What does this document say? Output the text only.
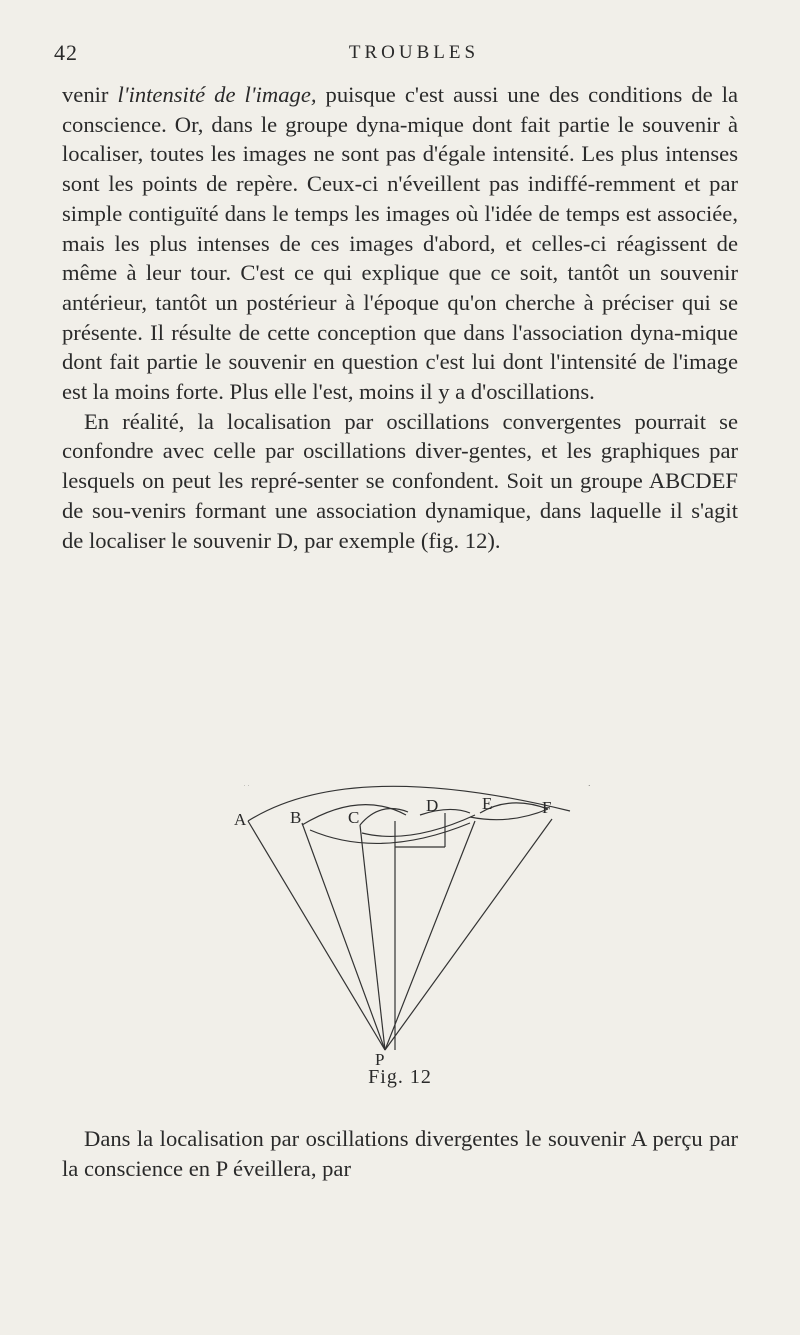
42	TROUBLES

venir l'intensité de l'image, puisque c'est aussi une des conditions de la conscience. Or, dans le groupe dyna-mique dont fait partie le souvenir à localiser, toutes les images ne sont pas d'égale intensité. Les plus intenses sont les points de repère. Ceux-ci n'éveillent pas indiffé-remment et par simple contiguïté dans le temps les images où l'idée de temps est associée, mais les plus intenses de ces images d'abord, et celles-ci réagissent de même à leur tour. C'est ce qui explique que ce soit, tantôt un souvenir antérieur, tantôt un postérieur à l'époque qu'on cherche à préciser qui se présente. Il résulte de cette conception que dans l'association dyna-mique dont fait partie le souvenir en question c'est lui dont l'intensité de l'image est la moins forte. Plus elle l'est, moins il y a d'oscillations.

En réalité, la localisation par oscillations convergentes pourrait se confondre avec celle par oscillations diver-gentes, et les graphiques par lesquels on peut les repré-senter se confondent. Soit un groupe ABCDEF de sou-venirs formant une association dynamique, dans laquelle il s'agit de localiser le souvenir D, par exemple (fig. 12).

A	B	C
D	E	F
P
Fig. 12

Dans la localisation par oscillations divergentes le souvenir A perçu par la conscience en P éveillera, par
